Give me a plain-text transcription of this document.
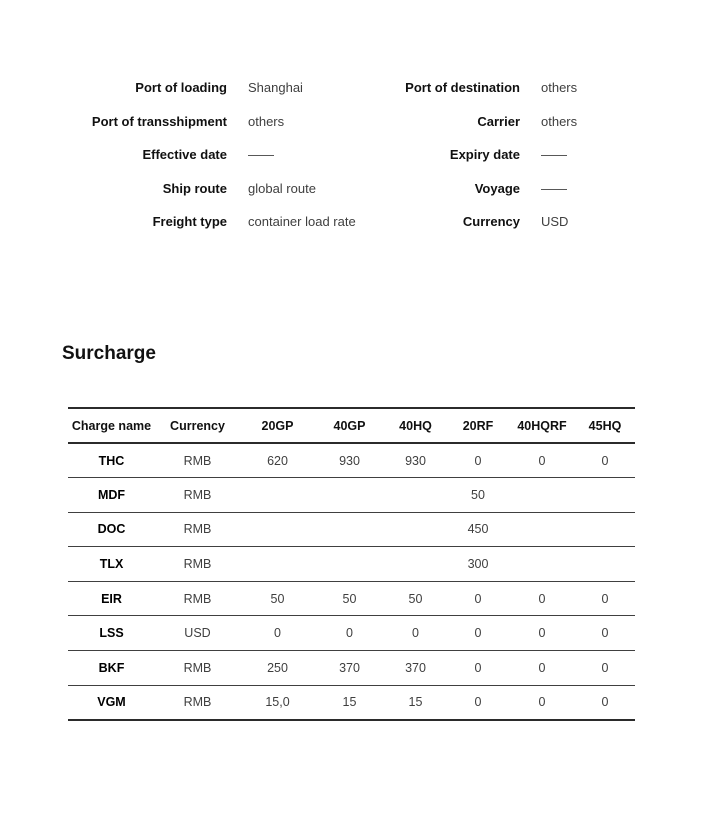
Port of loading Shanghai	Port of destination others
Port of transshipment others	Carrier others
Effective date ——	Expiry date ——
Ship route global route	Voyage ——
Freight type container load rate	Currency USD
Surcharge
Charge name	Currency	20GP	40GP	40HQ	20RF	40HQRF	45HQ
THC	RMB	620	930	930	0	0	0
MDF	RMB				50		
DOC	RMB				450		
TLX	RMB				300		
EIR	RMB	50	50	50	0	0	0
LSS	USD	0	0	0	0	0	0
BKF	RMB	250	370	370	0	0	0
VGM	RMB	15,0	15	15	0	0	0
